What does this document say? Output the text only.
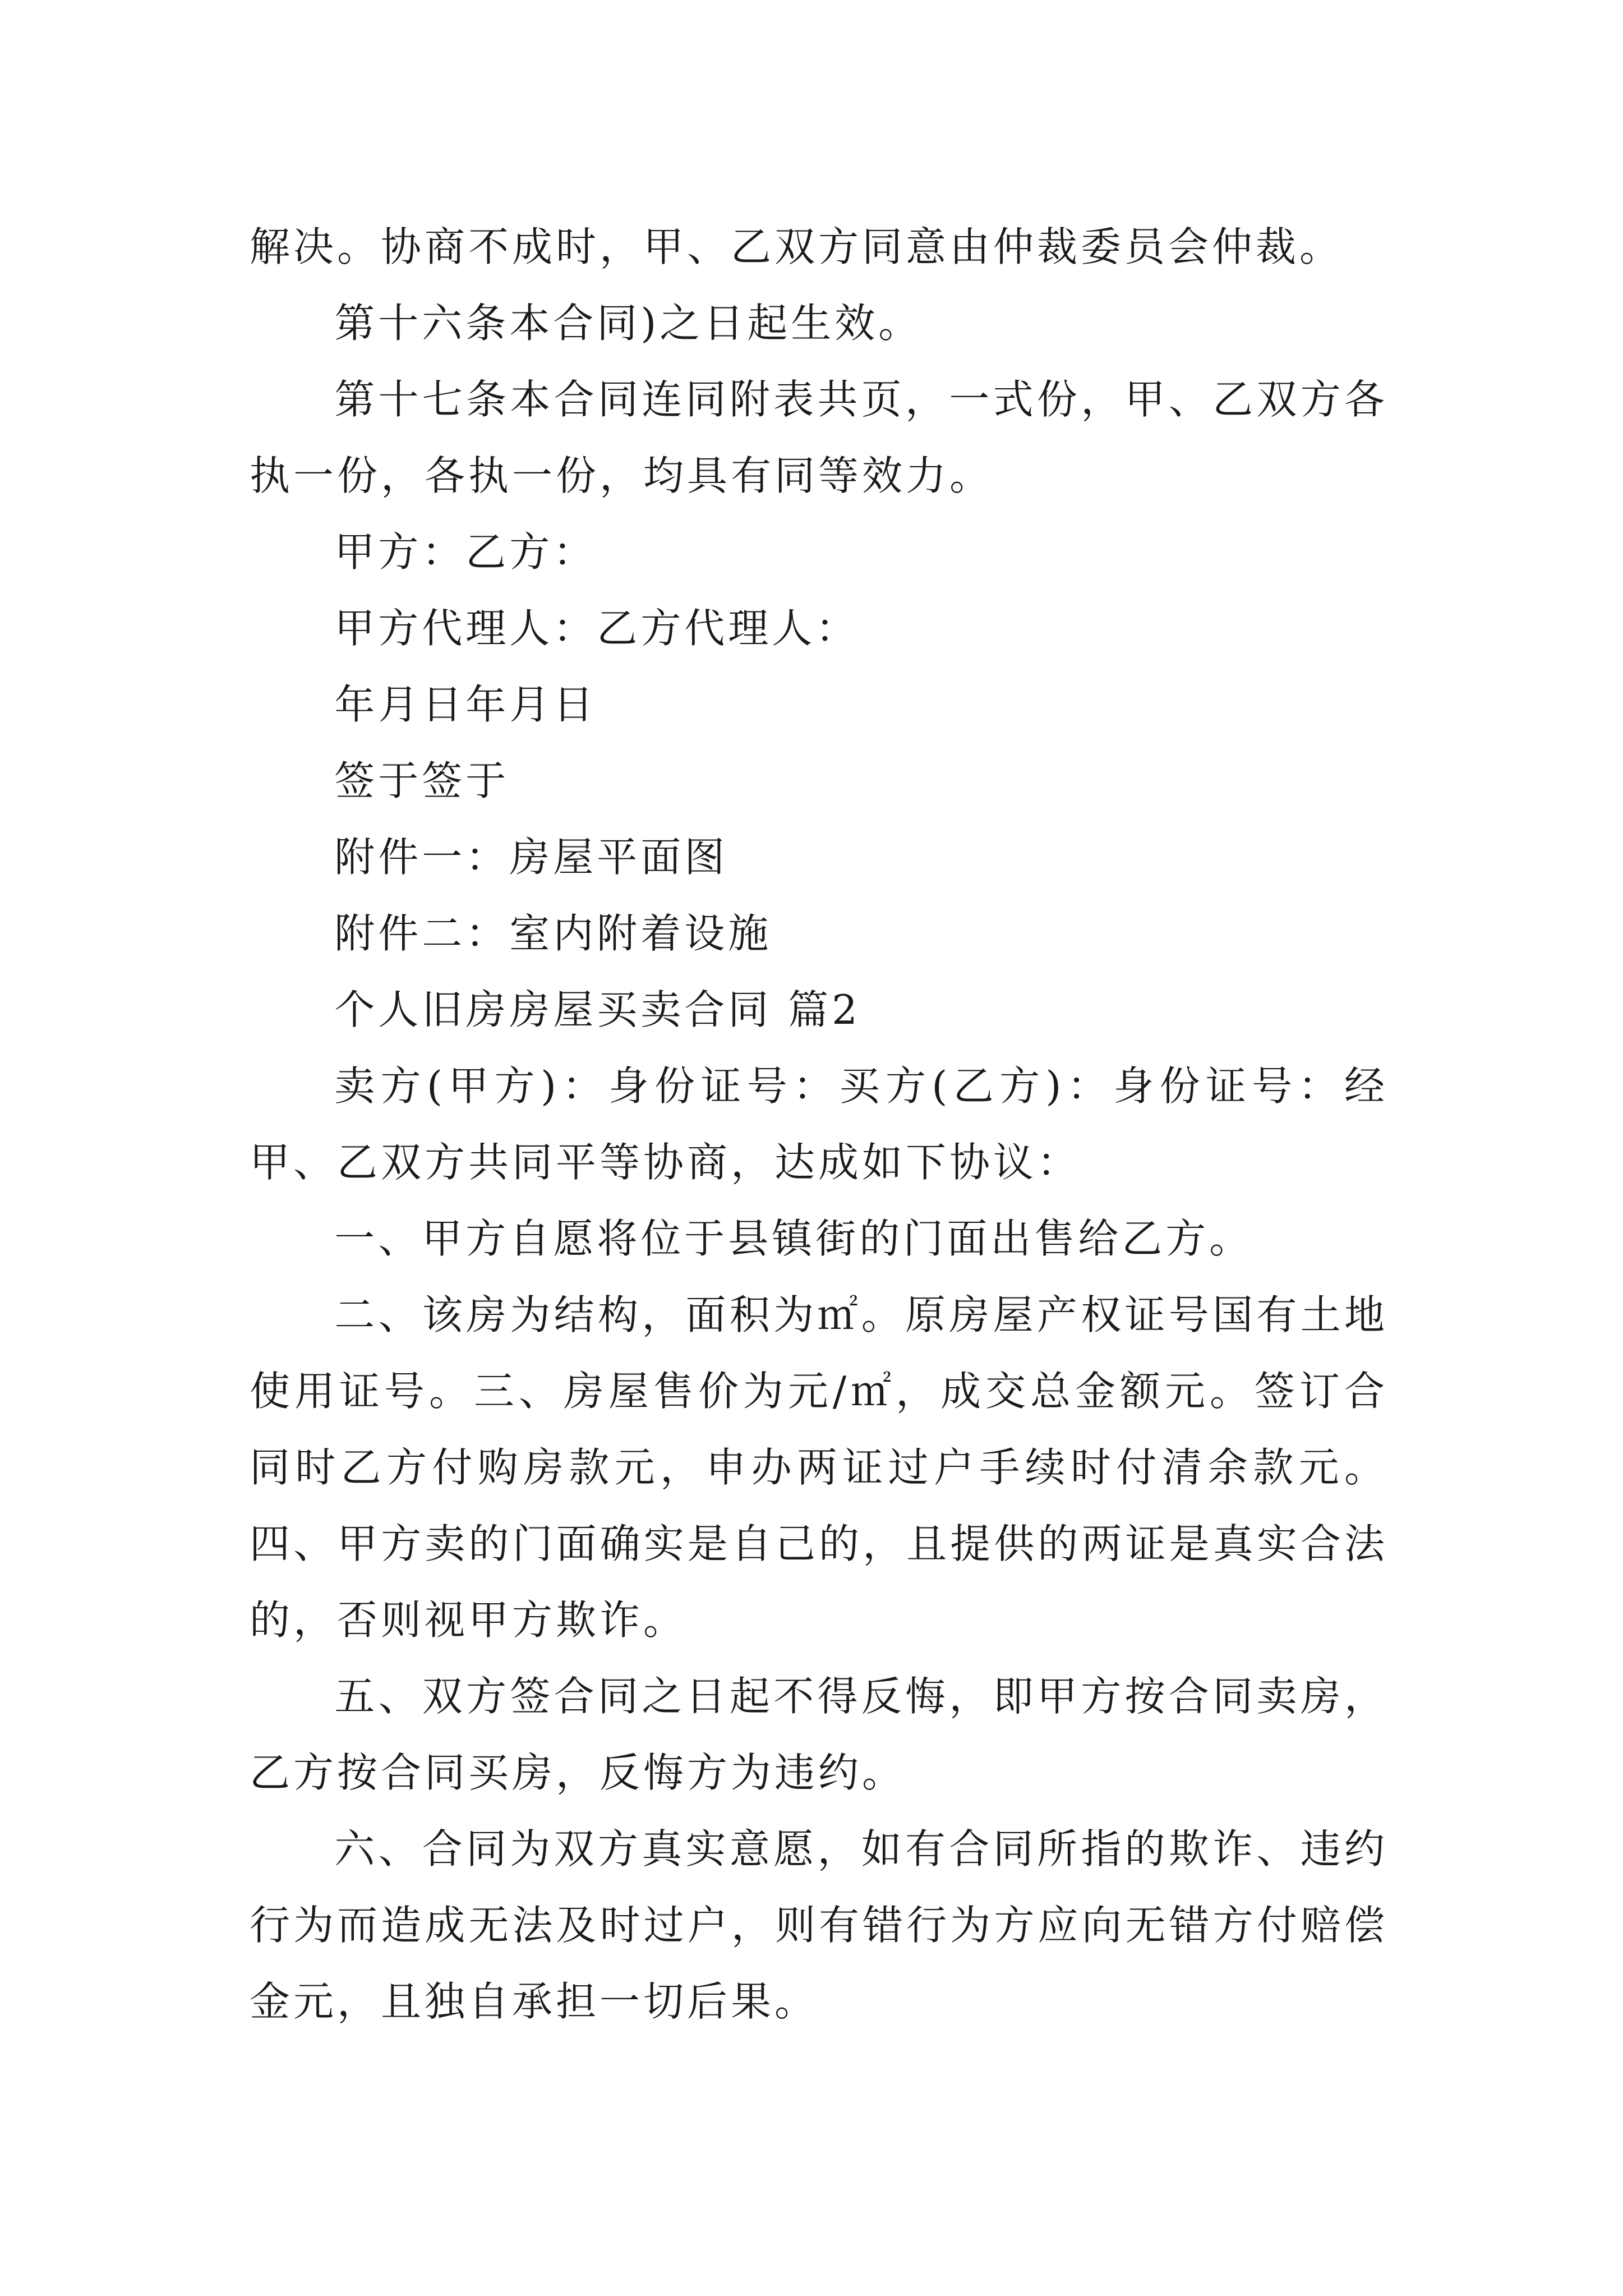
解决。协商不成时，甲、乙双方同意由仲裁委员会仲裁。

第十六条本合同)之日起生效。

第十七条本合同连同附表共页，一式份，甲、乙双方各执一份，各执一份，均具有同等效力。

甲方：乙方：

甲方代理人：乙方代理人：

年月日年月日

签于签于

附件一：房屋平面图

附件二：室内附着设施

个人旧房房屋买卖合同 篇2

卖方(甲方)：身份证号：买方(乙方)：身份证号：经甲、乙双方共同平等协商，达成如下协议：

一、甲方自愿将位于县镇街的门面出售给乙方。

二、该房为结构，面积为㎡。原房屋产权证号国有土地使用证号。三、房屋售价为元/㎡，成交总金额元。签订合同时乙方付购房款元，申办两证过户手续时付清余款元。四、甲方卖的门面确实是自己的，且提供的两证是真实合法的，否则视甲方欺诈。

五、双方签合同之日起不得反悔，即甲方按合同卖房，乙方按合同买房，反悔方为违约。

六、合同为双方真实意愿，如有合同所指的欺诈、违约行为而造成无法及时过户，则有错行为方应向无错方付赔偿金元，且独自承担一切后果。
